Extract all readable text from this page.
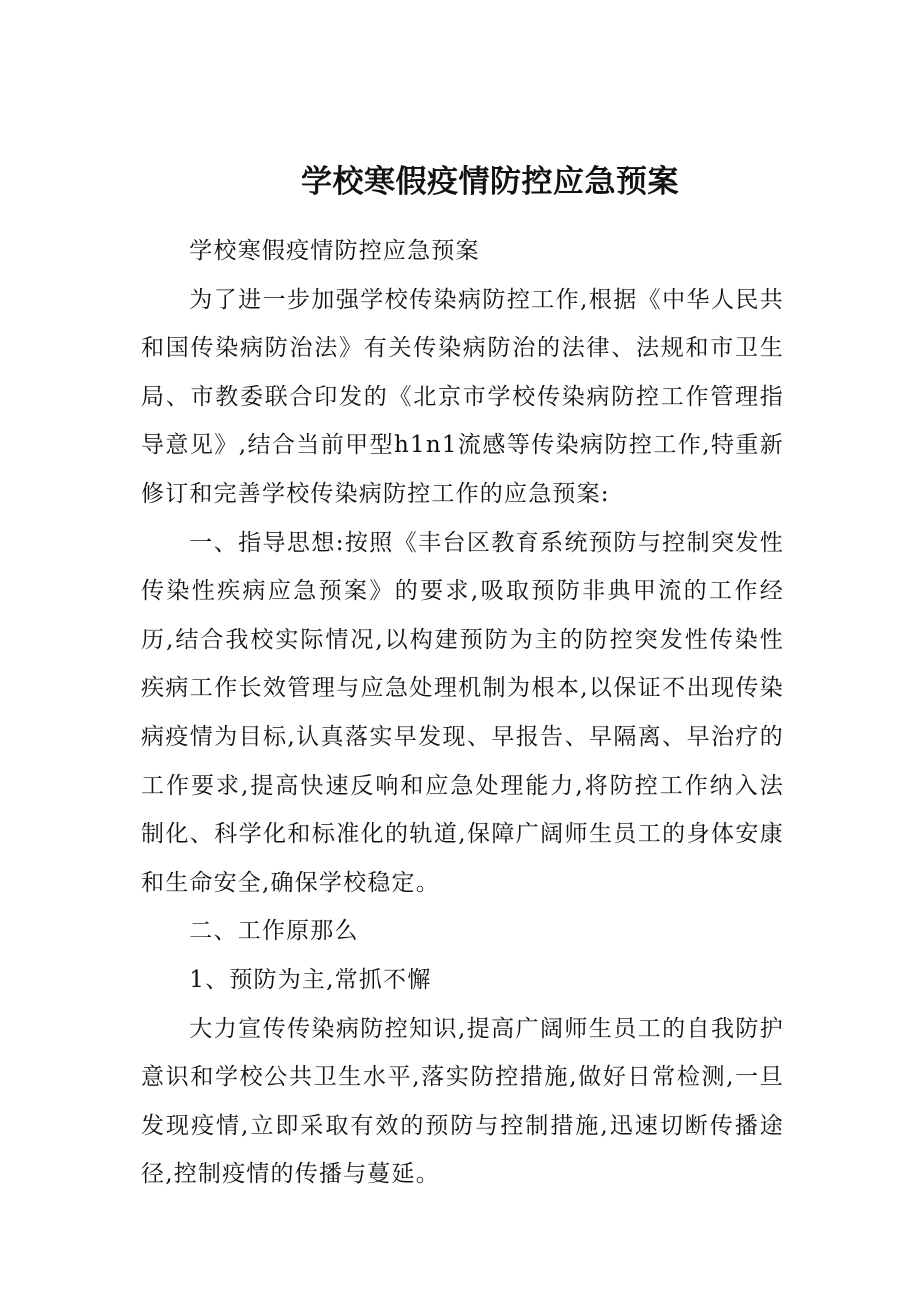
学校寒假疫情防控应急预案

学校寒假疫情防控应急预案

为了进一步加强学校传染病防控工作,根据《中华人民共和国传染病防治法》有关传染病防治的法律、法规和市卫生局、市教委联合印发的《北京市学校传染病防控工作管理指导意见》,结合当前甲型h1n1流感等传染病防控工作,特重新修订和完善学校传染病防控工作的应急预案:

一、指导思想:按照《丰台区教育系统预防与控制突发性传染性疾病应急预案》的要求,吸取预防非典甲流的工作经历,结合我校实际情况,以构建预防为主的防控突发性传染性疾病工作长效管理与应急处理机制为根本,以保证不出现传染病疫情为目标,认真落实早发现、早报告、早隔离、早治疗的工作要求,提高快速反响和应急处理能力,将防控工作纳入法制化、科学化和标准化的轨道,保障广阔师生员工的身体安康和生命安全,确保学校稳定。

二、工作原那么

1、预防为主,常抓不懈

大力宣传传染病防控知识,提高广阔师生员工的自我防护意识和学校公共卫生水平,落实防控措施,做好日常检测,一旦发现疫情,立即采取有效的预防与控制措施,迅速切断传播途径,控制疫情的传播与蔓延。
